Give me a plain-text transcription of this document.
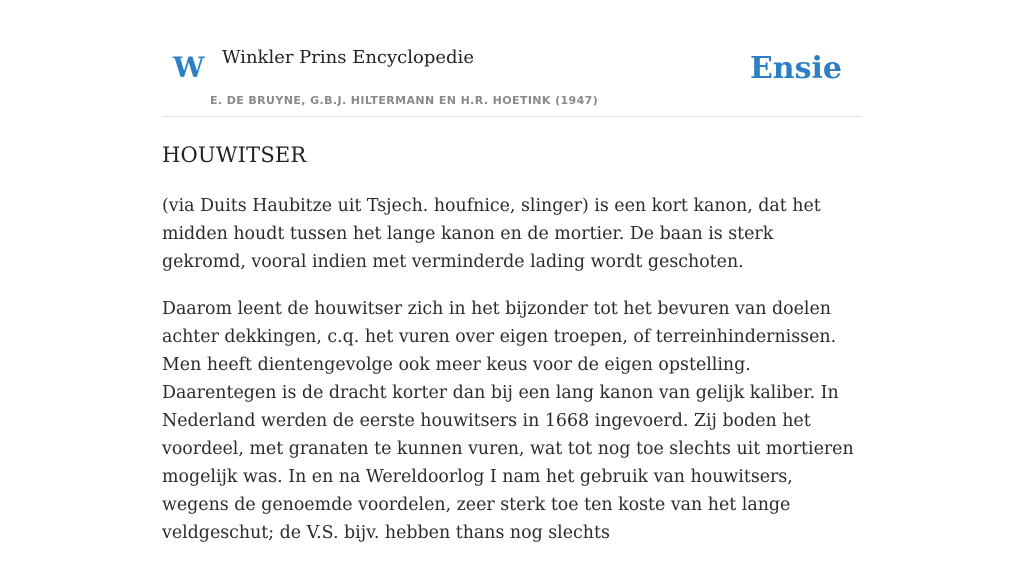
W Winkler Prins Encyclopedie
E. DE BRUYNE, G.B.J. HILTERMANN EN H.R. HOETINK (1947)
Ensie
HOUWITSER

(via Duits Haubitze uit Tsjech. houfnice, slinger) is een kort kanon, dat het midden houdt tussen het lange kanon en de mortier. De baan is sterk gekromd, vooral indien met verminderde lading wordt geschoten.

Daarom leent de houwitser zich in het bijzonder tot het bevuren van doelen achter dekkingen, c.q. het vuren over eigen troepen, of terreinhindernissen. Men heeft dientengevolge ook meer keus voor de eigen opstelling. Daarentegen is de dracht korter dan bij een lang kanon van gelijk kaliber. In Nederland werden de eerste houwitsers in 1668 ingevoerd. Zij boden het voordeel, met granaten te kunnen vuren, wat tot nog toe slechts uit mortieren mogelijk was. In en na Wereldoorlog I nam het gebruik van houwitsers, wegens de genoemde voordelen, zeer sterk toe ten koste van het lange veldgeschut; de V.S. bijv. hebben thans nog slechts
